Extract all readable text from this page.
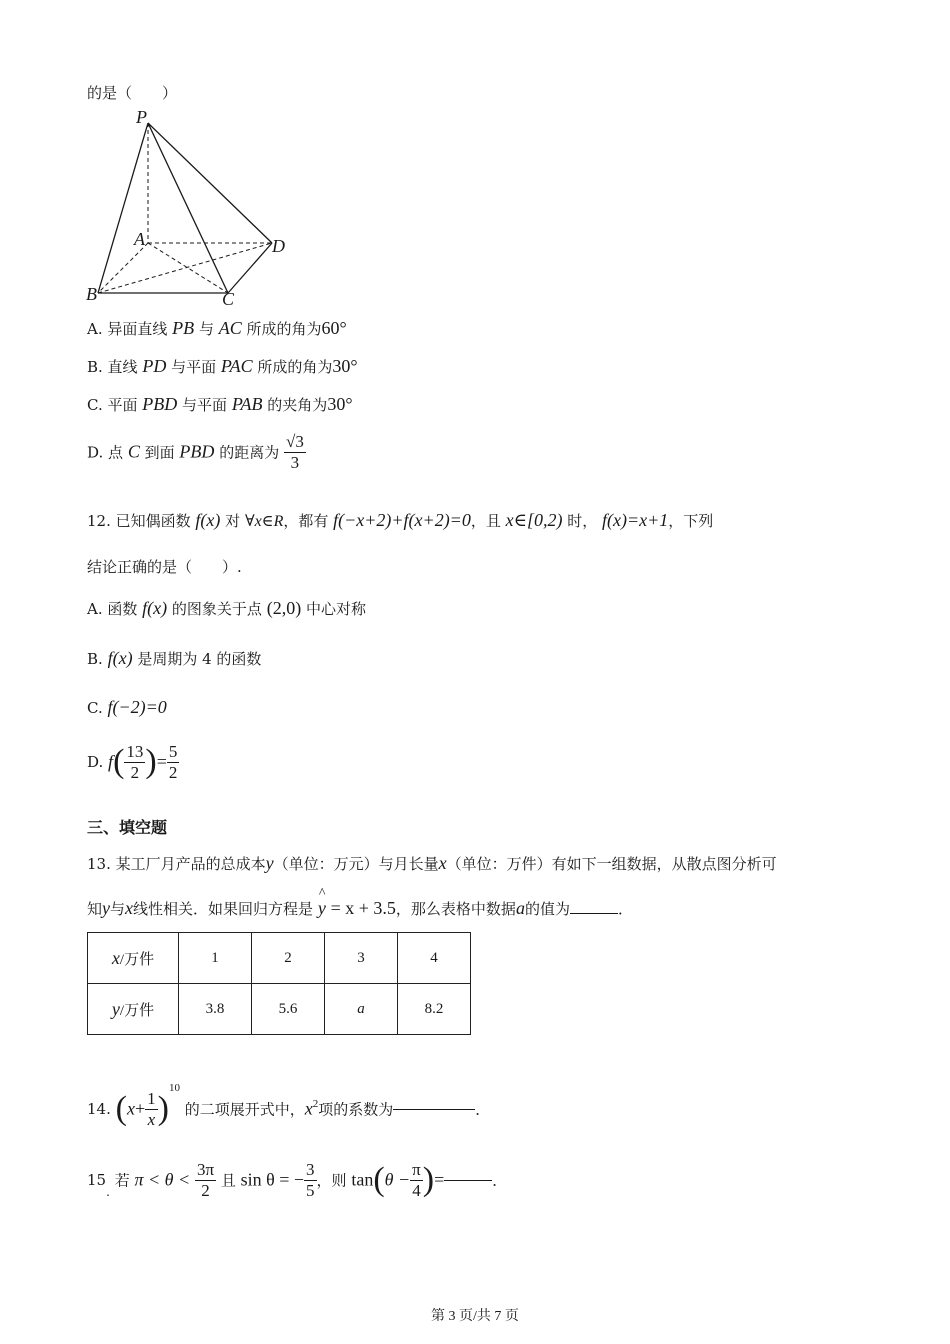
的是（　　）
P
A
B	C
D
A. 异面直线 PB 与 AC 所成的角为60°
B. 直线 PD 与平面 PAC 所成的角为30°
C. 平面 PBD 与平面 PAB 的夹角为30°
D. 点 C 到面 PBD 的距离为 $\frac{√3}{3}$
12. 已知偶函数 f(x) 对 ∀x∈R，都有 f(−x+2)+f(x+2)=0，且 x∈[0,2) 时， f(x)=x+1，下列
结论正确的是（　　）.
A. 函数 f(x) 的图象关于点 (2,0) 中心对称
B. f(x) 是周期为 4 的函数
C. f(−2)=0
D. $f( \frac{13}{2}$ )= $\frac{5}{2}$
三、填空题
13. 某工厂月产品的总成本y（单位：万元）与月长量x（单位：万件）有如下一组数据，从散点图分析可
知y与x线性相关．如果回归方程是 ^ y = x + 3.5，那么表格中数据a的值为	．
x/万件	1	2	3	4
y/万件	3.8	5.6	a	8.2
14. $(x+ \frac{1}{x} )^{10}$ 的二项展开式中，$x^2$项的系数为	．
$15_.$ 若 $\pi < \theta < \frac{3\pi}{2}$ 且 sin θ = − $\frac{3}{5}$ ，则 $\tan(\theta - \frac{\pi}{4}$ )=	．
第 3 页/共 7 页
